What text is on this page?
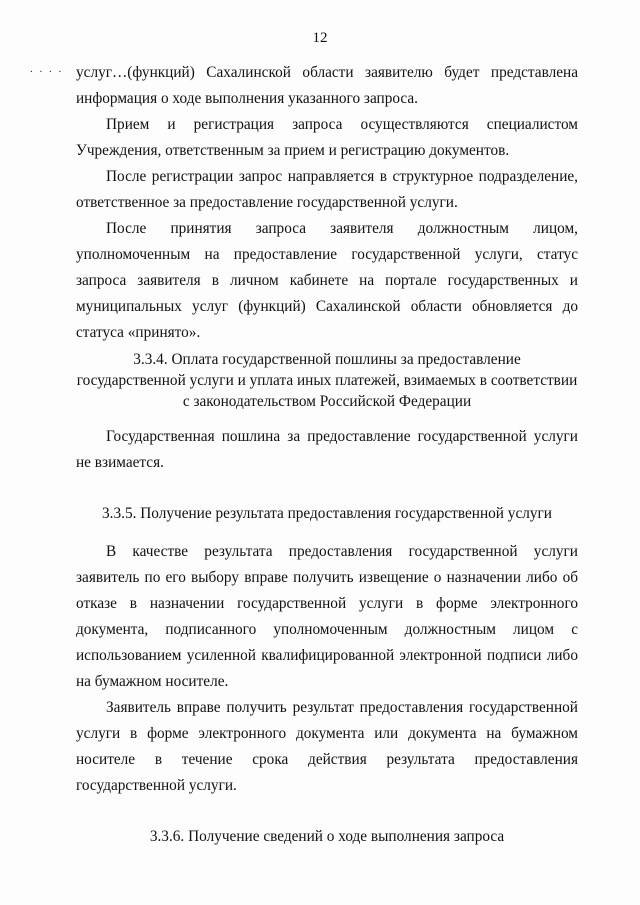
12
. . . . услуг…(функций) Сахалинской области заявителю будет представлена информация о ходе выполнения указанного запроса.

Прием и регистрация запроса осуществляются специалистом Учреждения, ответственным за прием и регистрацию документов.

После регистрации запрос направляется в структурное подразделение, ответственное за предоставление государственной услуги.

После принятия запроса заявителя должностным лицом, уполномоченным на предоставление государственной услуги, статус запроса заявителя в личном кабинете на портале государственных и муниципальных услуг (функций) Сахалинской области обновляется до статуса «принято».

3.3.4. Оплата государственной пошлины за предоставление
государственной услуги и уплата иных платежей, взимаемых в соответствии
с законодательством Российской Федерации

Государственная пошлина за предоставление государственной услуги не взимается.

3.3.5. Получение результата предоставления государственной услуги

В качестве результата предоставления государственной услуги заявитель по его выбору вправе получить извещение о назначении либо об отказе в назначении государственной услуги в форме электронного документа, подписанного уполномоченным должностным лицом с использованием усиленной квалифицированной электронной подписи либо на бумажном носителе.

Заявитель вправе получить результат предоставления государственной услуги в форме электронного документа или документа на бумажном носителе в течение срока действия результата предоставления государственной услуги.

3.3.6. Получение сведений о ходе выполнения запроса
